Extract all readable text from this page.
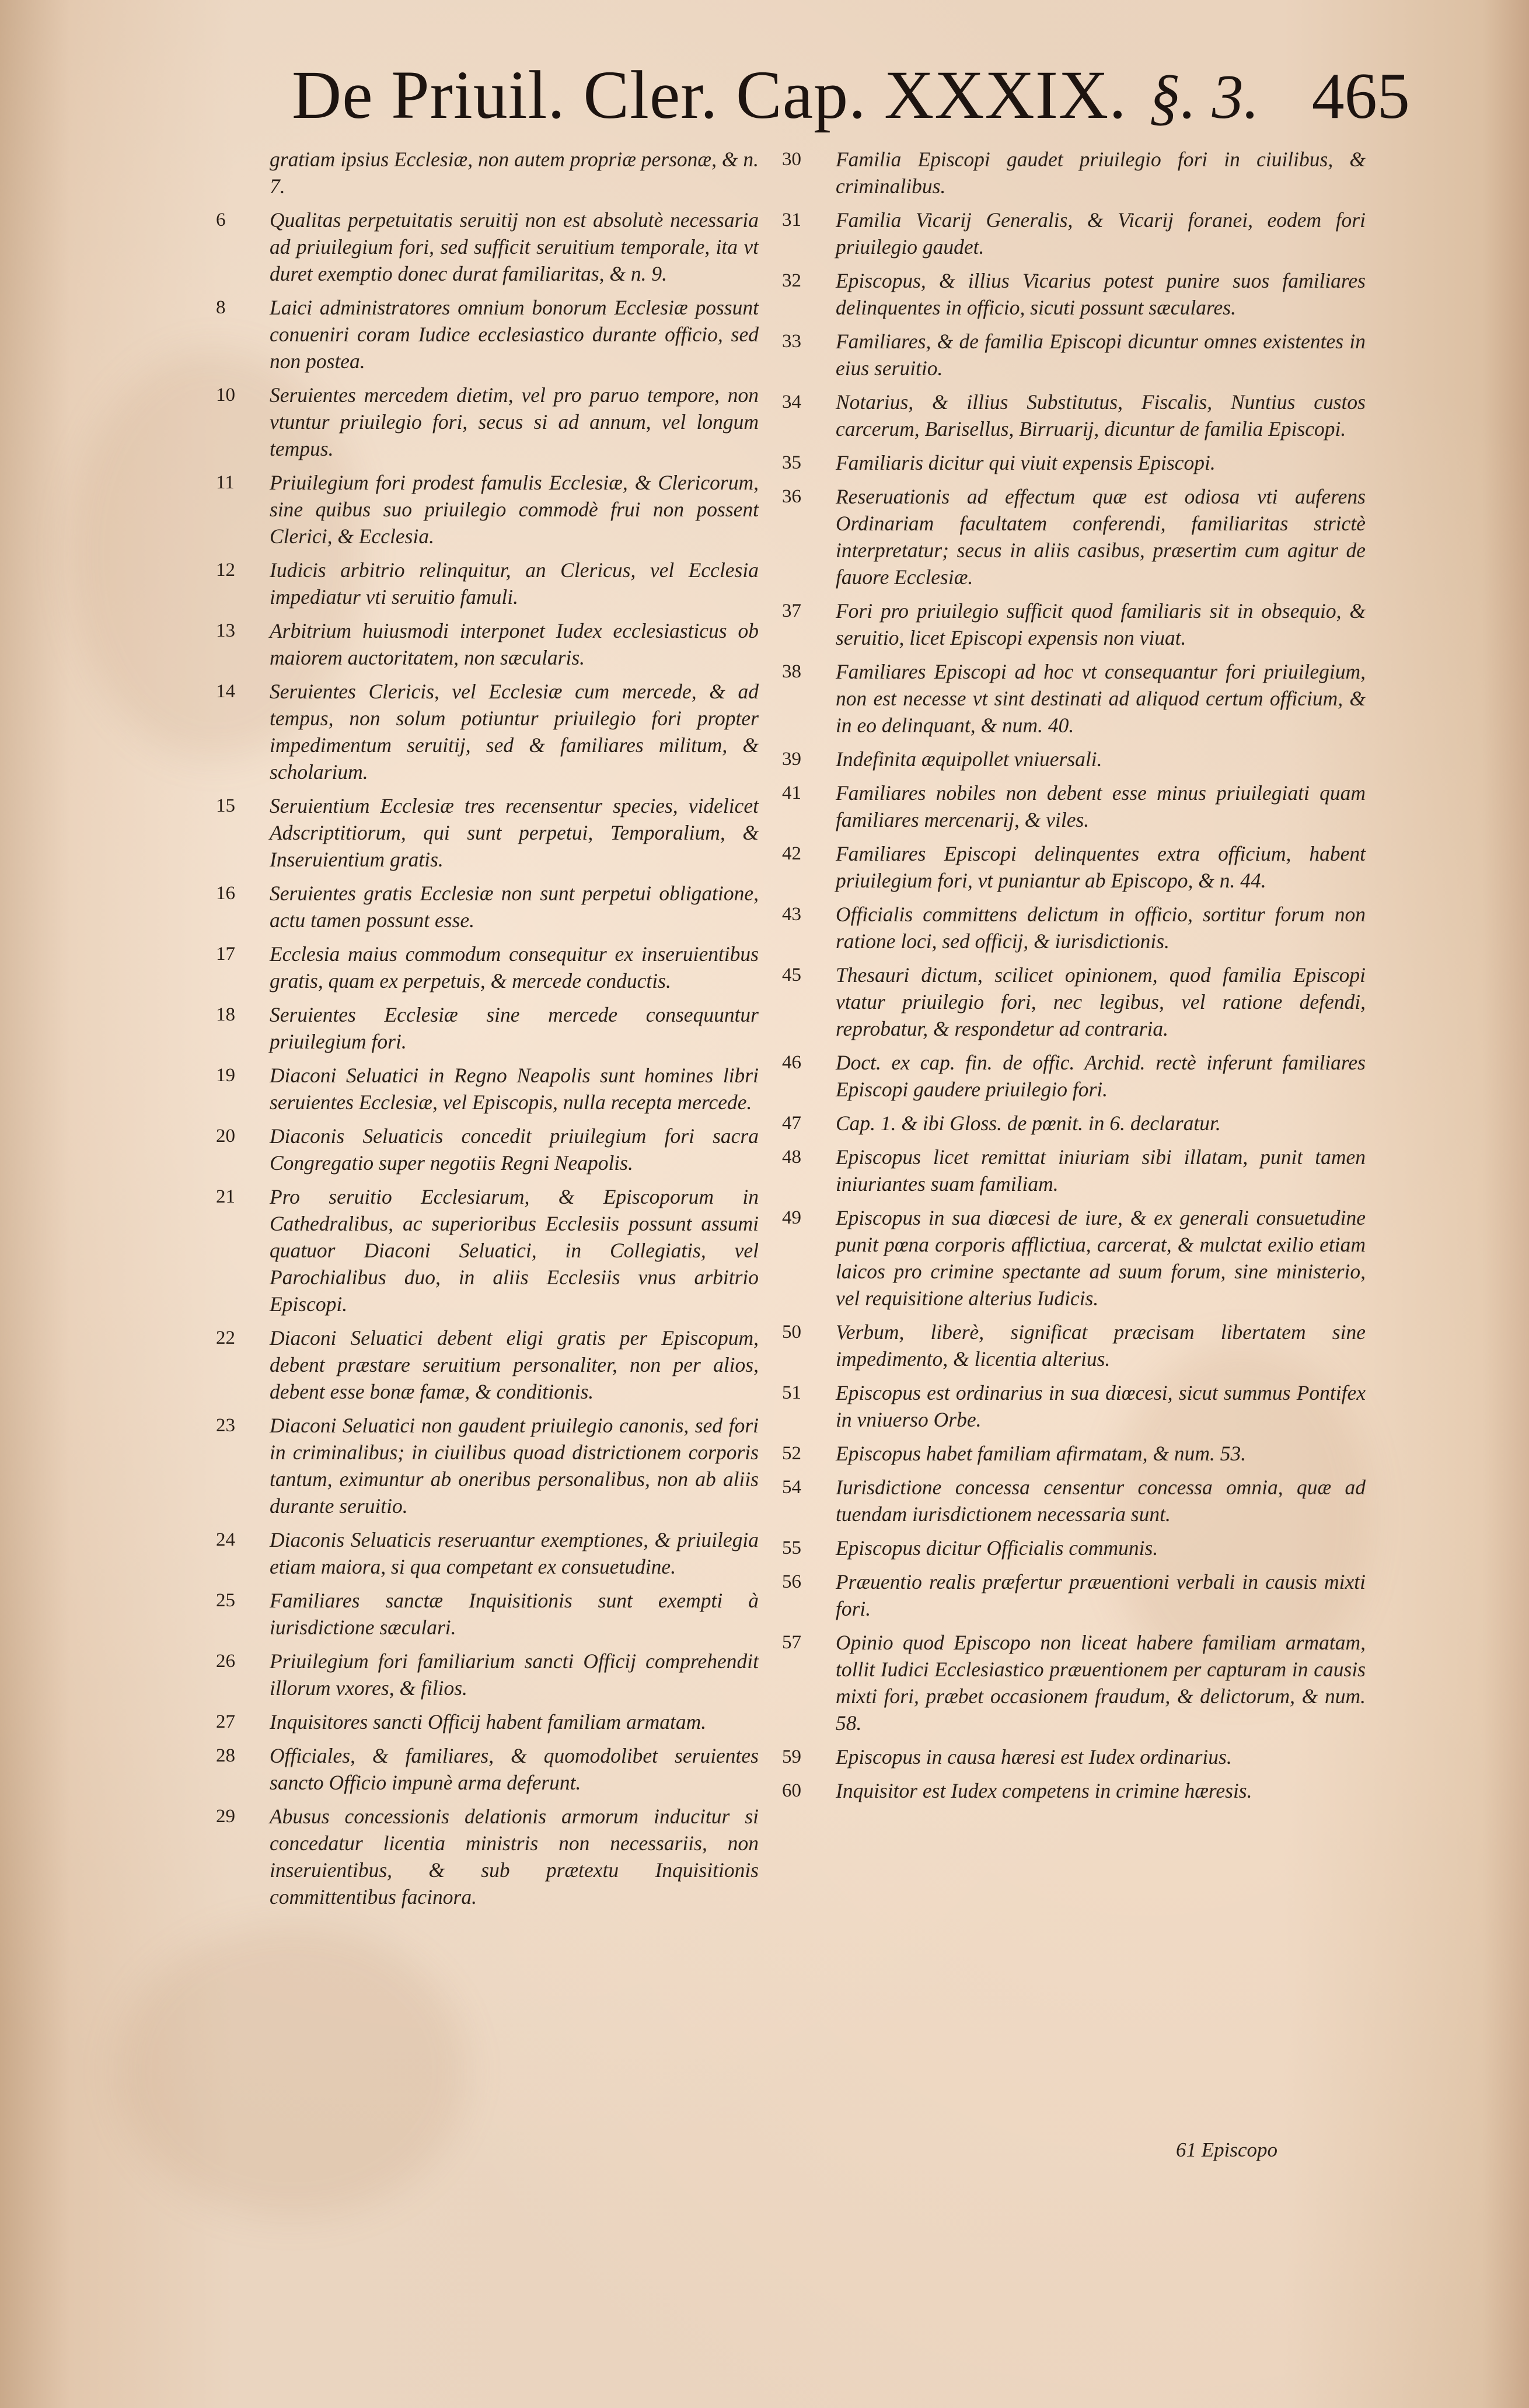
De Priuil. Cler. Cap. XXXIX. §. 3. 465
gratiam ipsius Ecclesiæ, non autem propriæ personæ, & n. 7.
6	Qualitas perpetuitatis seruitij non est absolutè necessaria ad priuilegium fori, sed sufficit seruitium temporale, ita vt duret exemptio donec durat familiaritas, & n. 9.
8	Laici administratores omnium bonorum Ecclesiæ possunt conueniri coram Iudice ecclesiastico durante officio, sed non postea.
10	Seruientes mercedem dietim, vel pro paruo tempore, non vtuntur priuilegio fori, secus si ad annum, vel longum tempus.
11	Priuilegium fori prodest famulis Ecclesiæ, & Clericorum, sine quibus suo priuilegio commodè frui non possent Clerici, & Ecclesia.
12	Iudicis arbitrio relinquitur, an Clericus, vel Ecclesia impediatur vti seruitio famuli.
13	Arbitrium huiusmodi interponet Iudex ecclesiasticus ob maiorem auctoritatem, non sæcularis.
14	Seruientes Clericis, vel Ecclesiæ cum mercede, & ad tempus, non solum potiuntur priuilegio fori propter impedimentum seruitij, sed & familiares militum, & scholarium.
15	Seruientium Ecclesiæ tres recensentur species, videlicet Adscriptitiorum, qui sunt perpetui, Temporalium, & Inseruientium gratis.
16	Seruientes gratis Ecclesiæ non sunt perpetui obligatione, actu tamen possunt esse.
17	Ecclesia maius commodum consequitur ex inseruientibus gratis, quam ex perpetuis, & mercede conductis.
18	Seruientes Ecclesiæ sine mercede consequuntur priuilegium fori.
19	Diaconi Seluatici in Regno Neapolis sunt homines libri seruientes Ecclesiæ, vel Episcopis, nulla recepta mercede.
20	Diaconis Seluaticis concedit priuilegium fori sacra Congregatio super negotiis Regni Neapolis.
21	Pro seruitio Ecclesiarum, & Episcoporum in Cathedralibus, ac superioribus Ecclesiis possunt assumi quatuor Diaconi Seluatici, in Collegiatis, vel Parochialibus duo, in aliis Ecclesiis vnus arbitrio Episcopi.
22	Diaconi Seluatici debent eligi gratis per Episcopum, debent præstare seruitium personaliter, non per alios, debent esse bonæ famæ, & conditionis.
23	Diaconi Seluatici non gaudent priuilegio canonis, sed fori in criminalibus; in ciuilibus quoad districtionem corporis tantum, eximuntur ab oneribus personalibus, non ab aliis durante seruitio.
24	Diaconis Seluaticis reseruantur exemptiones, & priuilegia etiam maiora, si qua competant ex consuetudine.
25	Familiares sanctæ Inquisitionis sunt exempti à iurisdictione sæculari.
26	Priuilegium fori familiarium sancti Officij comprehendit illorum vxores, & filios.
27	Inquisitores sancti Officij habent familiam armatam.
28	Officiales, & familiares, & quomodolibet seruientes sancto Officio impunè arma deferunt.
29	Abusus concessionis delationis armorum inducitur si concedatur licentia ministris non necessariis, non inseruientibus, & sub prætextu Inquisitionis committentibus facinora.
30	Familia Episcopi gaudet priuilegio fori in ciuilibus, & criminalibus.
31	Familia Vicarij Generalis, & Vicarij foranei, eodem fori priuilegio gaudet.
32	Episcopus, & illius Vicarius potest punire suos familiares delinquentes in officio, sicuti possunt sæculares.
33	Familiares, & de familia Episcopi dicuntur omnes existentes in eius seruitio.
34	Notarius, & illius Substitutus, Fiscalis, Nuntius custos carcerum, Barisellus, Birruarij, dicuntur de familia Episcopi.
35	Familiaris dicitur qui viuit expensis Episcopi.
36	Reseruationis ad effectum quæ est odiosa vti auferens Ordinariam facultatem conferendi, familiaritas strictè interpretatur; secus in aliis casibus, præsertim cum agitur de fauore Ecclesiæ.
37	Fori pro priuilegio sufficit quod familiaris sit in obsequio, & seruitio, licet Episcopi expensis non viuat.
38	Familiares Episcopi ad hoc vt consequantur fori priuilegium, non est necesse vt sint destinati ad aliquod certum officium, & in eo delinquant, & num. 40.
39	Indefinita æquipollet vniuersali.
41	Familiares nobiles non debent esse minus priuilegiati quam familiares mercenarij, & viles.
42	Familiares Episcopi delinquentes extra officium, habent priuilegium fori, vt puniantur ab Episcopo, & n. 44.
43	Officialis committens delictum in officio, sortitur forum non ratione loci, sed officij, & iurisdictionis.
45	Thesauri dictum, scilicet opinionem, quod familia Episcopi vtatur priuilegio fori, nec legibus, vel ratione defendi, reprobatur, & respondetur ad contraria.
46	Doct. ex cap. fin. de offic. Archid. rectè inferunt familiares Episcopi gaudere priuilegio fori.
47	Cap. 1. & ibi Gloss. de pœnit. in 6. declaratur.
48	Episcopus licet remittat iniuriam sibi illatam, punit tamen iniuriantes suam familiam.
49	Episcopus in sua diœcesi de iure, & ex generali consuetudine punit pœna corporis afflictiua, carcerat, & mulctat exilio etiam laicos pro crimine spectante ad suum forum, sine ministerio, vel requisitione alterius Iudicis.
50	Verbum, liberè, significat præcisam libertatem sine impedimento, & licentia alterius.
51	Episcopus est ordinarius in sua diœcesi, sicut summus Pontifex in vniuerso Orbe.
52	Episcopus habet familiam afirmatam, & num. 53.
54	Iurisdictione concessa censentur concessa omnia, quæ ad tuendam iurisdictionem necessaria sunt.
55	Episcopus dicitur Officialis communis.
56	Præuentio realis præfertur præuentioni verbali in causis mixti fori.
57	Opinio quod Episcopo non liceat habere familiam armatam, tollit Iudici Ecclesiastico præuentionem per capturam in causis mixti fori, præbet occasionem fraudum, & delictorum, & num. 58.
59	Episcopus in causa hæresi est Iudex ordinarius.
60	Inquisitor est Iudex competens in crimine hæresis.
61 Episcopo
